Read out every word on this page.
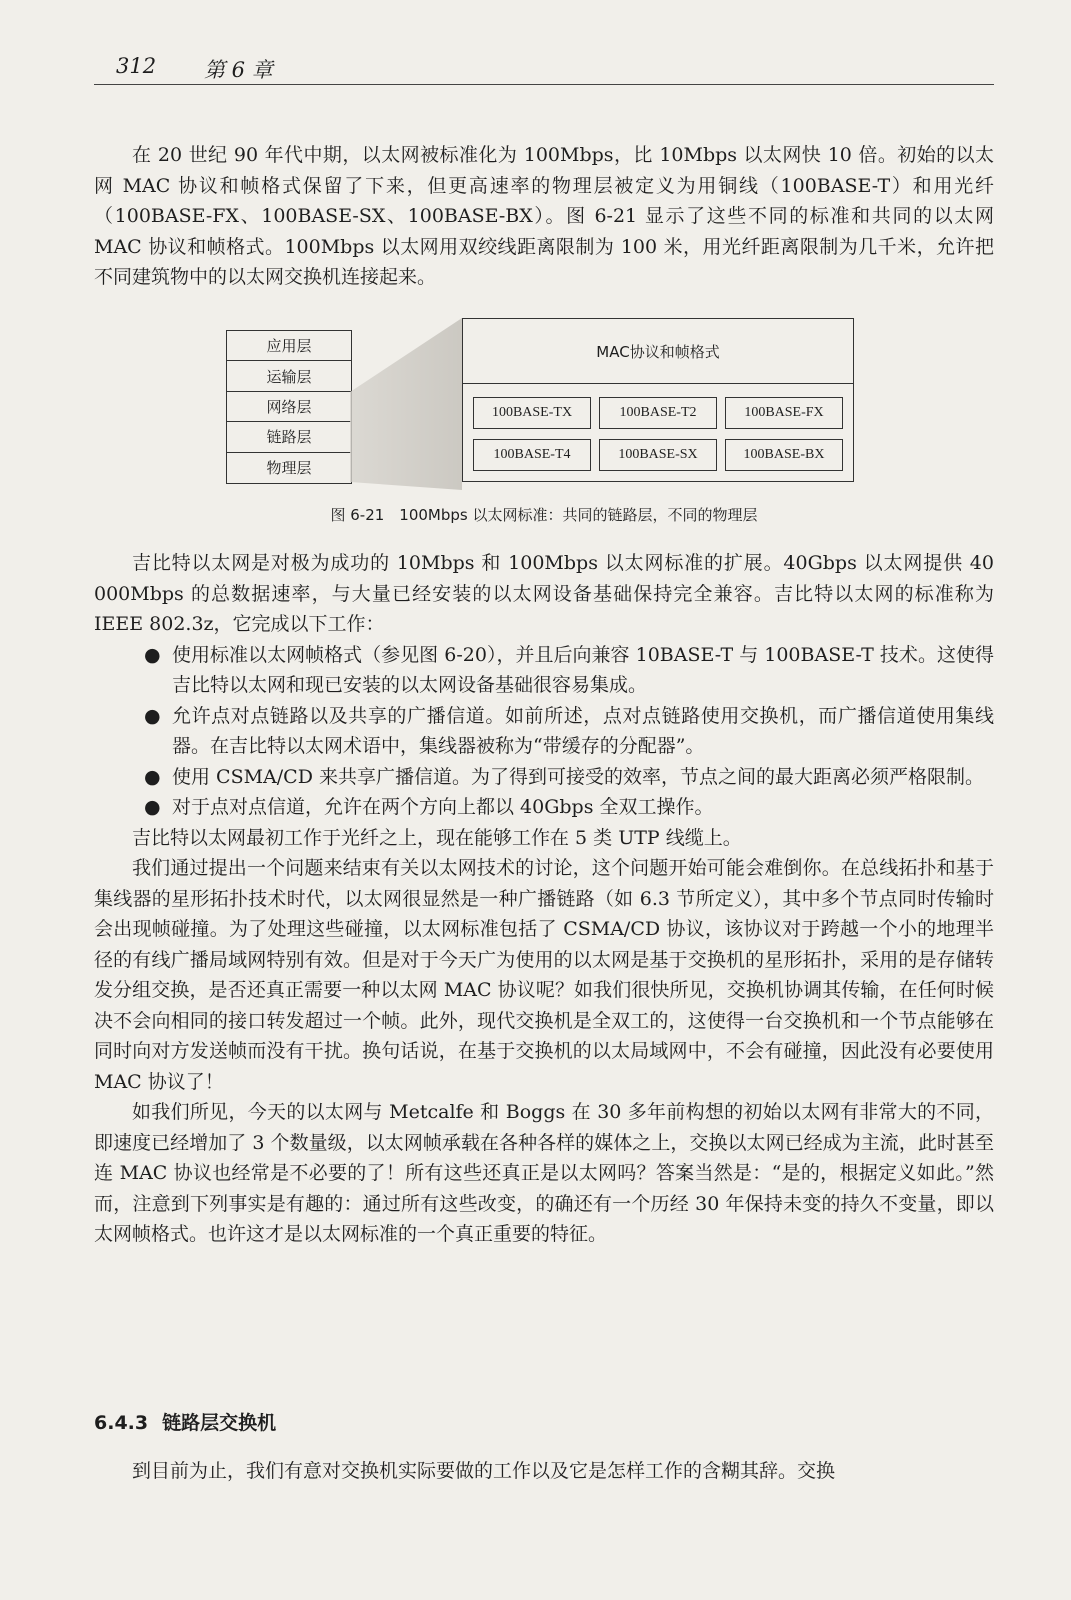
312 第 6 章

在 20 世纪 90 年代中期，以太网被标准化为 100Mbps，比 10Mbps 以太网快 10 倍。初始的以太网 MAC 协议和帧格式保留了下来，但更高速率的物理层被定义为用铜线（100BASE-T）和用光纤（100BASE-FX、100BASE-SX、100BASE-BX）。图 6-21 显示了这些不同的标准和共同的以太网 MAC 协议和帧格式。100Mbps 以太网用双绞线距离限制为 100 米，用光纤距离限制为几千米，允许把不同建筑物中的以太网交换机连接起来。

应用层
运输层
网络层
链路层
物理层
MAC协议和帧格式
100BASE-TX	100BASE-T2	100BASE-FX
100BASE-T4	100BASE-SX	100BASE-BX
图 6-21　100Mbps 以太网标准：共同的链路层，不同的物理层

吉比特以太网是对极为成功的 10Mbps 和 100Mbps 以太网标准的扩展。40Gbps 以太网提供 40 000Mbps 的总数据速率，与大量已经安装的以太网设备基础保持完全兼容。吉比特以太网的标准称为 IEEE 802.3z，它完成以下工作：

● 使用标准以太网帧格式（参见图 6-20），并且后向兼容 10BASE-T 与 100BASE-T 技术。这使得吉比特以太网和现已安装的以太网设备基础很容易集成。
● 允许点对点链路以及共享的广播信道。如前所述，点对点链路使用交换机，而广播信道使用集线器。在吉比特以太网术语中，集线器被称为“带缓存的分配器”。
● 使用 CSMA/CD 来共享广播信道。为了得到可接受的效率，节点之间的最大距离必须严格限制。
● 对于点对点信道，允许在两个方向上都以 40Gbps 全双工操作。

吉比特以太网最初工作于光纤之上，现在能够工作在 5 类 UTP 线缆上。

我们通过提出一个问题来结束有关以太网技术的讨论，这个问题开始可能会难倒你。在总线拓扑和基于集线器的星形拓扑技术时代，以太网很显然是一种广播链路（如 6.3 节所定义），其中多个节点同时传输时会出现帧碰撞。为了处理这些碰撞，以太网标准包括了 CSMA/CD 协议，该协议对于跨越一个小的地理半径的有线广播局域网特别有效。但是对于今天广为使用的以太网是基于交换机的星形拓扑，采用的是存储转发分组交换，是否还真正需要一种以太网 MAC 协议呢？如我们很快所见，交换机协调其传输，在任何时候决不会向相同的接口转发超过一个帧。此外，现代交换机是全双工的，这使得一台交换机和一个节点能够在同时向对方发送帧而没有干扰。换句话说，在基于交换机的以太局域网中，不会有碰撞，因此没有必要使用 MAC 协议了！

如我们所见，今天的以太网与 Metcalfe 和 Boggs 在 30 多年前构想的初始以太网有非常大的不同，即速度已经增加了 3 个数量级，以太网帧承载在各种各样的媒体之上，交换以太网已经成为主流，此时甚至连 MAC 协议也经常是不必要的了！所有这些还真正是以太网吗？答案当然是：“是的，根据定义如此。”然而，注意到下列事实是有趣的：通过所有这些改变，的确还有一个历经 30 年保持未变的持久不变量，即以太网帧格式。也许这才是以太网标准的一个真正重要的特征。

6.4.3 链路层交换机

到目前为止，我们有意对交换机实际要做的工作以及它是怎样工作的含糊其辞。交换
